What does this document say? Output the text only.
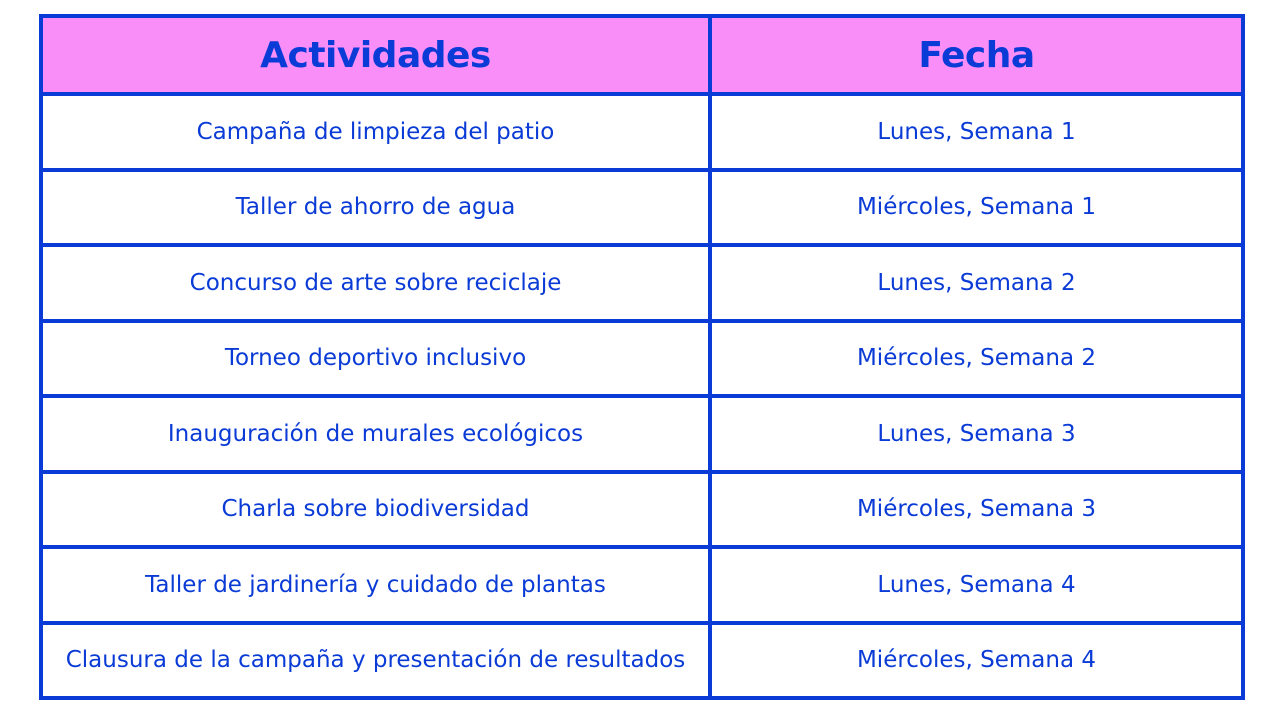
Actividades	Fecha
Campaña de limpieza del patio	Lunes, Semana 1
Taller de ahorro de agua	Miércoles, Semana 1
Concurso de arte sobre reciclaje	Lunes, Semana 2
Torneo deportivo inclusivo	Miércoles, Semana 2
Inauguración de murales ecológicos	Lunes, Semana 3
Charla sobre biodiversidad	Miércoles, Semana 3
Taller de jardinería y cuidado de plantas	Lunes, Semana 4
Clausura de la campaña y presentación de resultados	Miércoles, Semana 4
